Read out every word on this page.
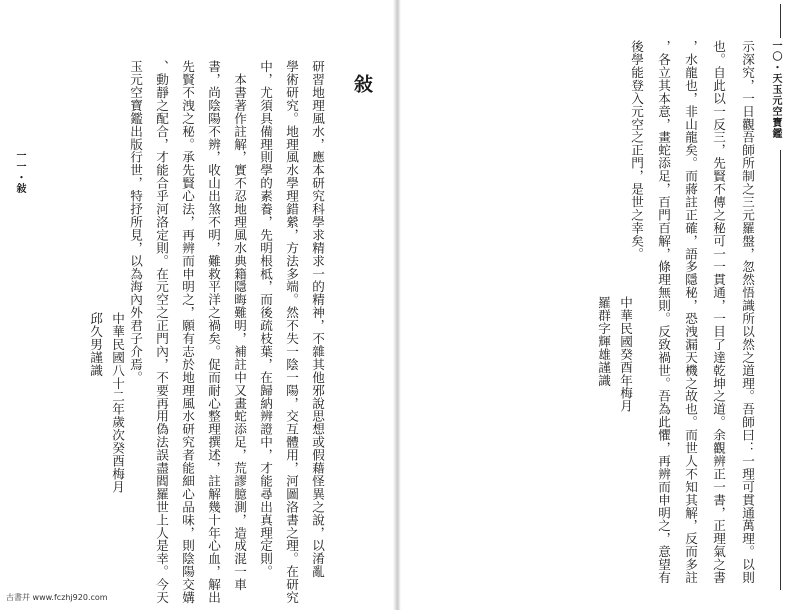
一〇・天玉元空寶鑑
示深究，一日觀吾師所制之三元羅盤，忽然悟識所以然之道理。吾師曰：一理可貫通萬理。以則
也。自此以一反三，先賢不傳之秘可一一貫通，一目了達乾坤之道。余觀辨正一書，正理氣之書
，水龍也，非山龍矣。而蔣註正確，語多隱秘，恐洩漏天機之故也。而世人不知其解，反而多註
，各立其本意，畫蛇添足，百門百解，條理無則。反致禍世。吾為此懼，再辨而申明之，意望有
後學能登入元空之正門，是世之幸矣。
中華民國癸酉年梅月
羅群字輝雄謹識
敍
研習地理風水，應本研究科學求精求一的精神，不雜其他邪說思想或假藉怪異之說，以淆亂
學術研究。地理風水學理錯縈，方法多端。然不失一陰一陽，交互體用，河圖洛書之理。在研究
中，尤須具備理則學的素養，先明根柢，而後疏枝葉，在歸納辨證中，才能尋出真理定則。
　本書著作註解，實不忍地理風水典籍隱晦難明，補註中又畫蛇添足，荒謬臆測，造成混一車
書，尚陰陽不辨，收山出煞不明，難救平洋之禍矣。促而耐心整理撰述，註解幾十年心血，解出
先賢不洩之秘。承先賢心法，再辨而申明之，願有志於地理風水研究者能細心品味，則陰陽交媾
、動靜之配合，才能合乎河洛定則。在元空之正門內，不要再用偽法誤盡閻羅世上人是幸。今天
玉元空寶鑑出版行世，特抒所見，以為海內外君子介焉。
中華民國八十二年歲次癸酉梅月
邱久男謹識
一一・敍
古書幷 www.fczhj920.com
